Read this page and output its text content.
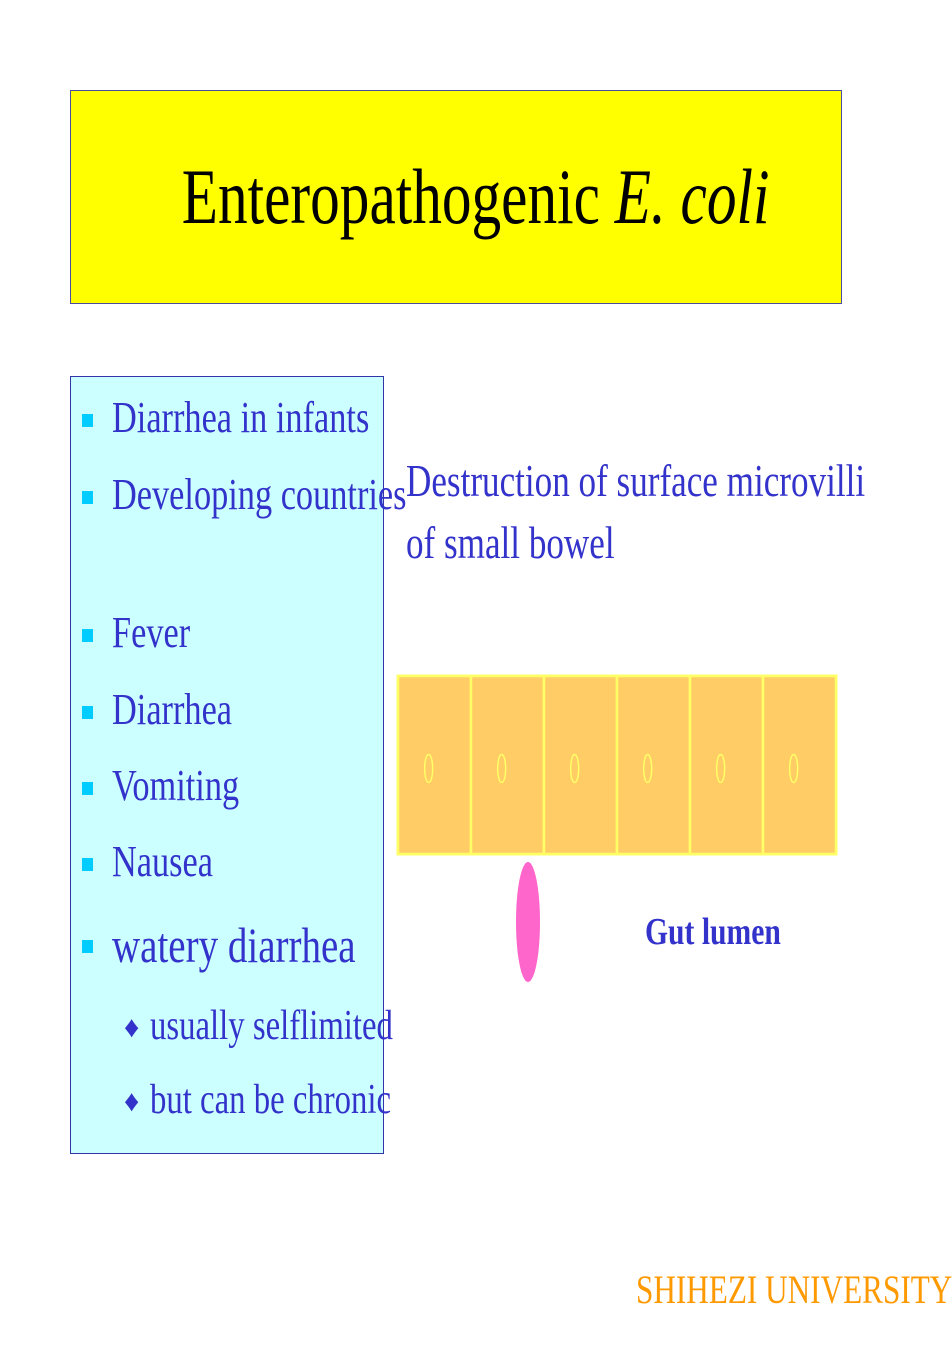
Enteropathogenic E. coli
Diarrhea in infants
Developing countries
Fever
Diarrhea
Vomiting
Nausea
watery diarrhea
♦ usually selflimited
♦ but can be chronic
Destruction of surface microvilli
of small bowel
Gut lumen
SHIHEZI UNIVERSITY
